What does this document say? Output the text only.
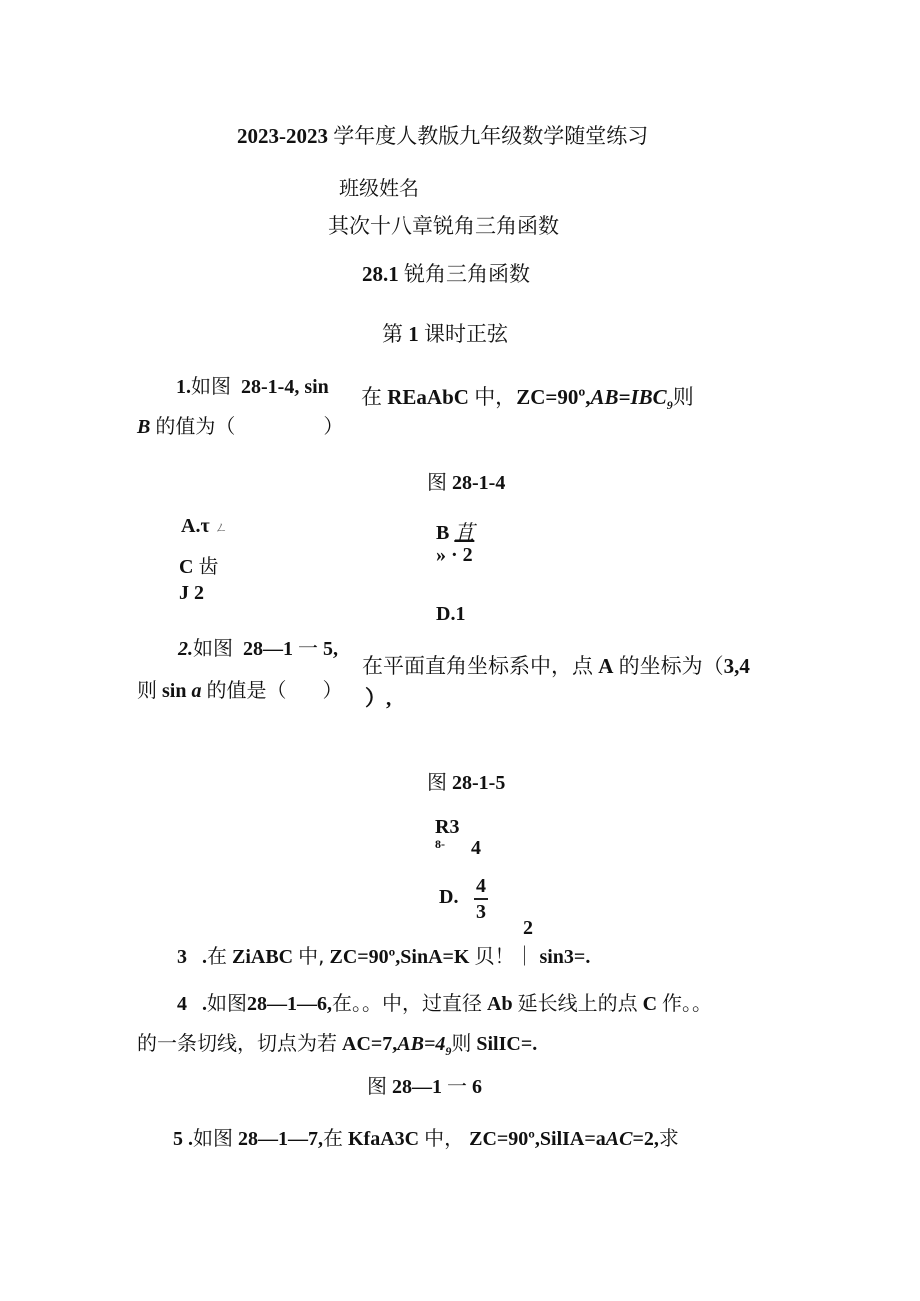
2023-2023 学年度人教版九年级数学随堂练习
班级姓名
其次十八章锐角三角函数
28.1 锐角三角函数
第 1 课时正弦
1.如图 28-1-4, sin 在 REaAbC 中，$ZC=90º,AB=IBC_9$则
B 的值为（	）
图 28-1-4
A.τ ㄥ	B 苴
» · 2
C 齿
J 2
D.1
2.如图 28—1 一 5,
在平面直角坐标系中，点 A 的坐标为（3,4
则 sin a 的值是（ ） ）,
图 28-1-5
R3
8- 4
D. 4
3
2
3 .在 ZiABC 中, ZC=90º,SinA=K 贝！｜ sin3=.
4 .如图28—1—6,在。。中，过直径 Ab 延长线上的点 C 作。。
的一条切线，切点为若 $AC=7,AB=4_9$则 SilIC=.
图 28—1 一 6
5 .如图 28—1—7,在 KfaA3C 中， ZC=90º,SilIA=aAC=2,求
